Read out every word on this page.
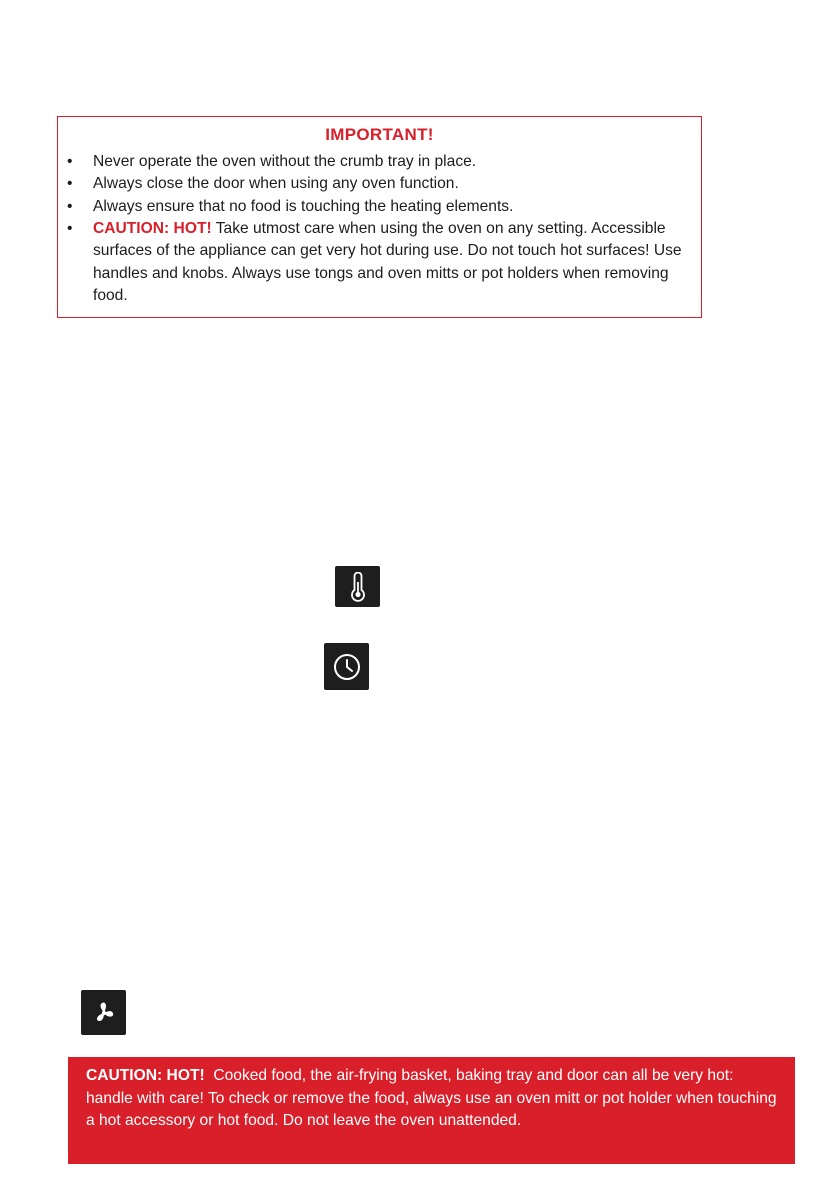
IMPORTANT!
• Never operate the oven without the crumb tray in place.
• Always close the door when using any oven function.
• Always ensure that no food is touching the heating elements.
• CAUTION: HOT! Take utmost care when using the oven on any setting. Accessible surfaces of the appliance can get very hot during use. Do not touch hot surfaces! Use handles and knobs. Always use tongs and oven mitts or pot holders when removing food.
CAUTION: HOT!  Cooked food, the air-frying basket, baking tray and door can all be very hot: handle with care! To check or remove the food, always use an oven mitt or pot holder when touching a hot accessory or hot food. Do not leave the oven unattended.
